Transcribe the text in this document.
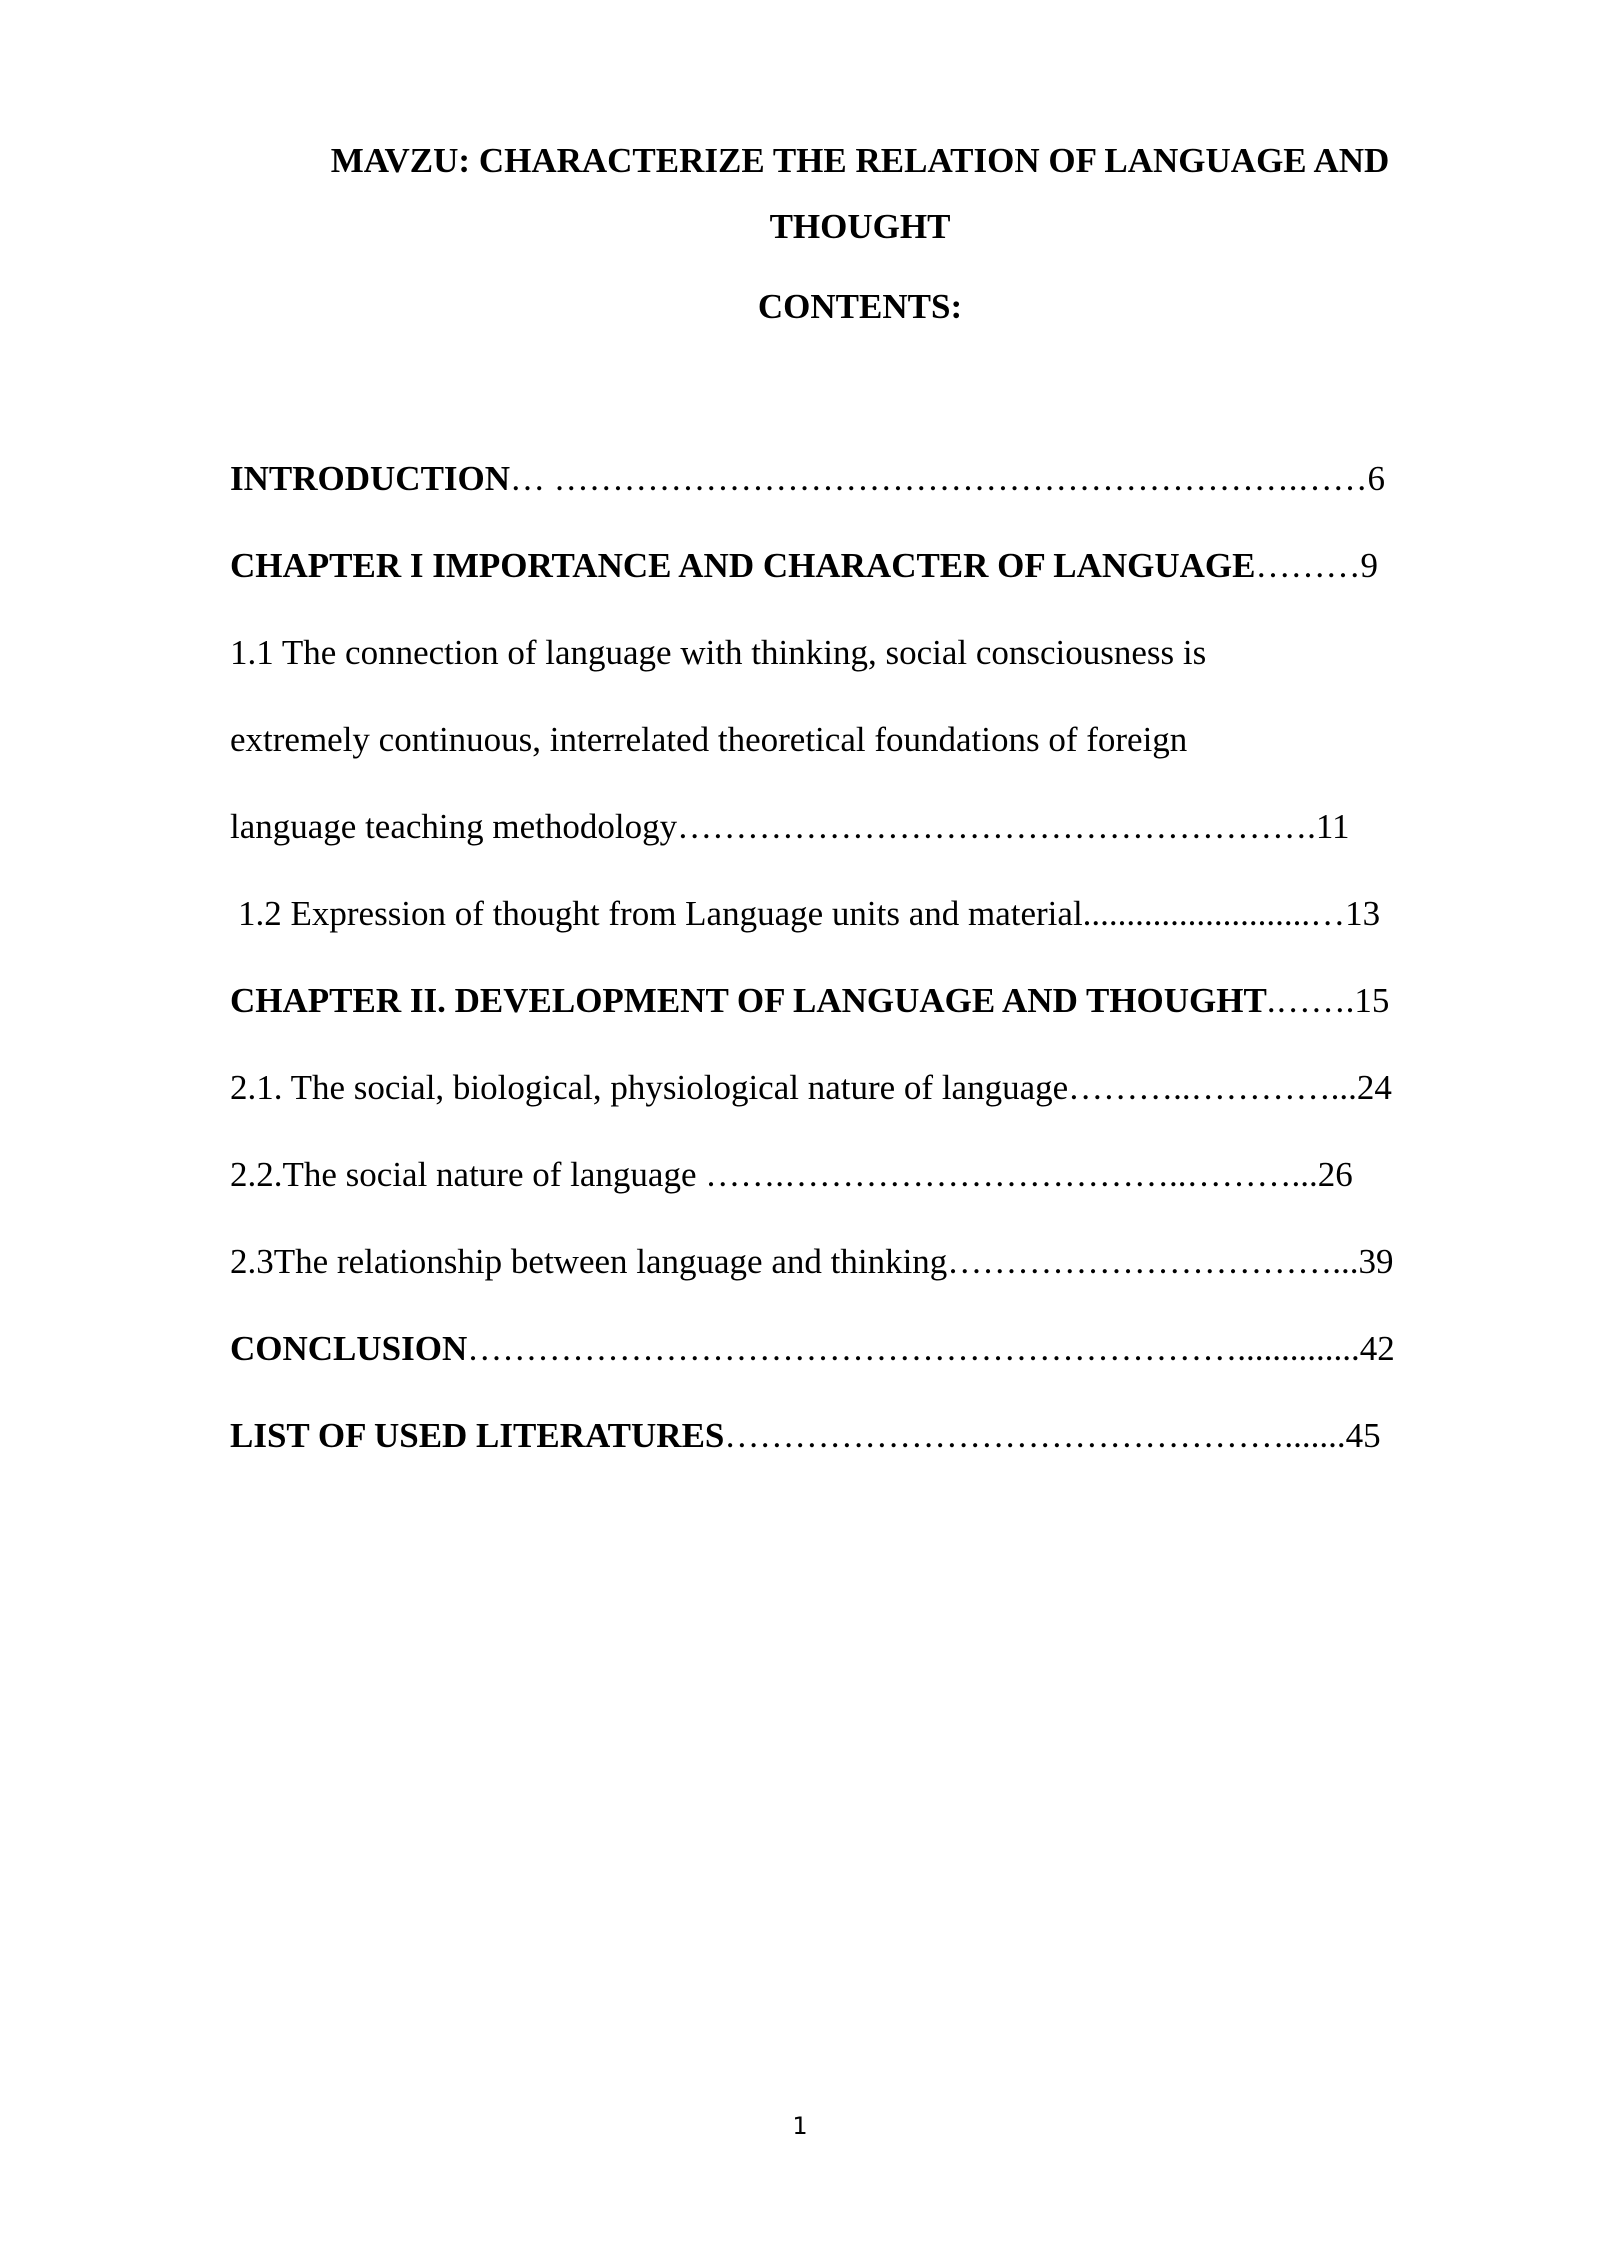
MAVZU: CHARACTERIZE THE RELATION OF LANGUAGE AND
THOUGHT
CONTENTS:
INTRODUCTION… ……………………………………………………….……6
CHAPTER I IMPORTANCE AND CHARACTER OF LANGUAGE………9
1.1 The connection of language with thinking, social consciousness is
extremely continuous, interrelated theoretical foundations of foreign
language teaching methodology……………………………………………….11
1.2 Expression of thought from Language units and material..........................…13
CHAPTER II. DEVELOPMENT OF LANGUAGE AND THOUGHT.…….15
2.1. The social, biological, physiological nature of language………..…………...24
2.2.The social nature of language …….……………………………..………...26
2.3The relationship between language and thinking……………………………...39
CONCLUSION…………………………………………………………..............42
LIST OF USED LITERATURES………………………………………….......45
1
